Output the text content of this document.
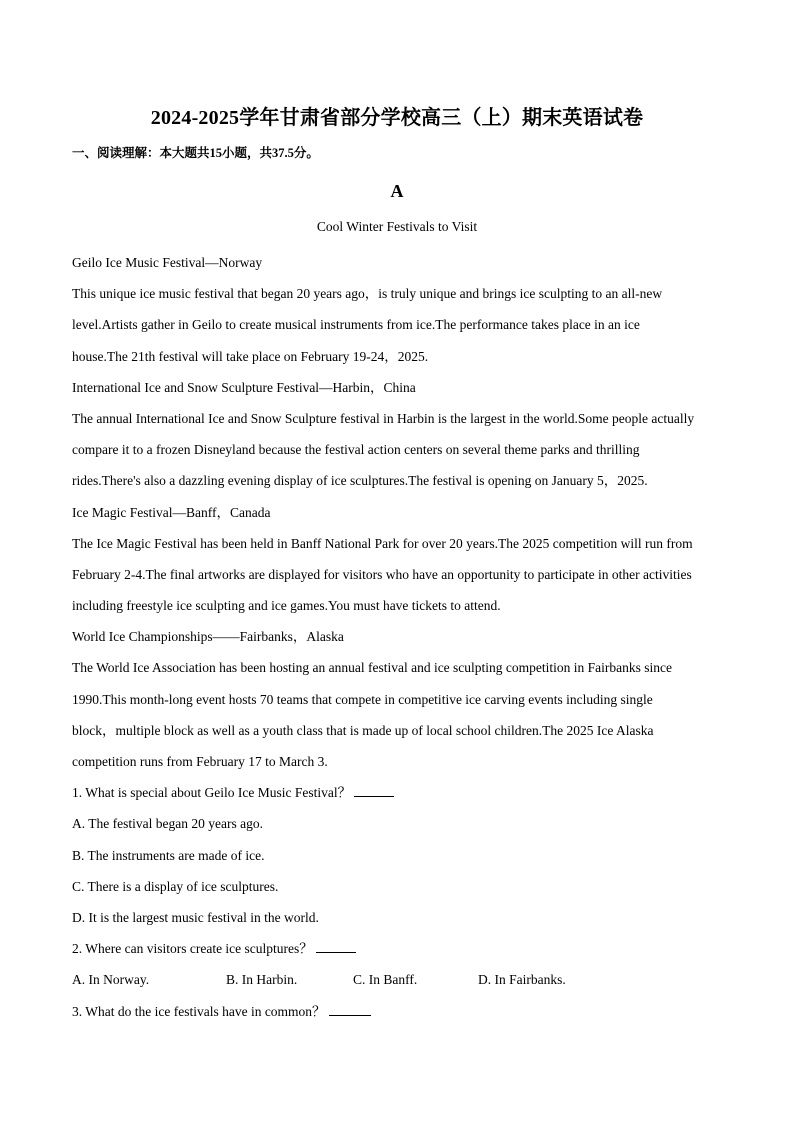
2024-2025学年甘肃省部分学校高三（上）期末英语试卷
一、阅读理解：本大题共15小题，共37.5分。
A
Cool Winter Festivals to Visit
Geilo Ice Music Festival—Norway
This unique ice music festival that began 20 years ago，is truly unique and brings ice sculpting to an all-new
level.Artists gather in Geilo to create musical instruments from ice.The performance takes place in an ice
house.The 21th festival will take place on February 19-24，2025.
International Ice and Snow Sculpture Festival—Harbin，China
The annual International Ice and Snow Sculpture festival in Harbin is the largest in the world.Some people actually
compare it to a frozen Disneyland because the festival action centers on several theme parks and thrilling
rides.There's also a dazzling evening display of ice sculptures.The festival is opening on January 5，2025.
Ice Magic Festival—Banff，Canada
The Ice Magic Festival has been held in Banff National Park for over 20 years.The 2025 competition will run from
February 2-4.The final artworks are displayed for visitors who have an opportunity to participate in other activities
including freestyle ice sculpting and ice games.You must have tickets to attend.
World Ice Championships——Fairbanks，Alaska
The World Ice Association has been hosting an annual festival and ice sculpting competition in Fairbanks since
1990.This month-long event hosts 70 teams that compete in competitive ice carving events including single
block，multiple block as well as a youth class that is made up of local school children.The 2025 Ice Alaska
competition runs from February 17 to March 3.
1. What is special about Geilo Ice Music Festival？
A. The festival began 20 years ago.
B. The instruments are made of ice.
C. There is a display of ice sculptures.
D. It is the largest music festival in the world.
2. Where can visitors create ice sculptures？
A. In Norway.	B. In Harbin.	C. In Banff.	D. In Fairbanks.
3. What do the ice festivals have in common？
